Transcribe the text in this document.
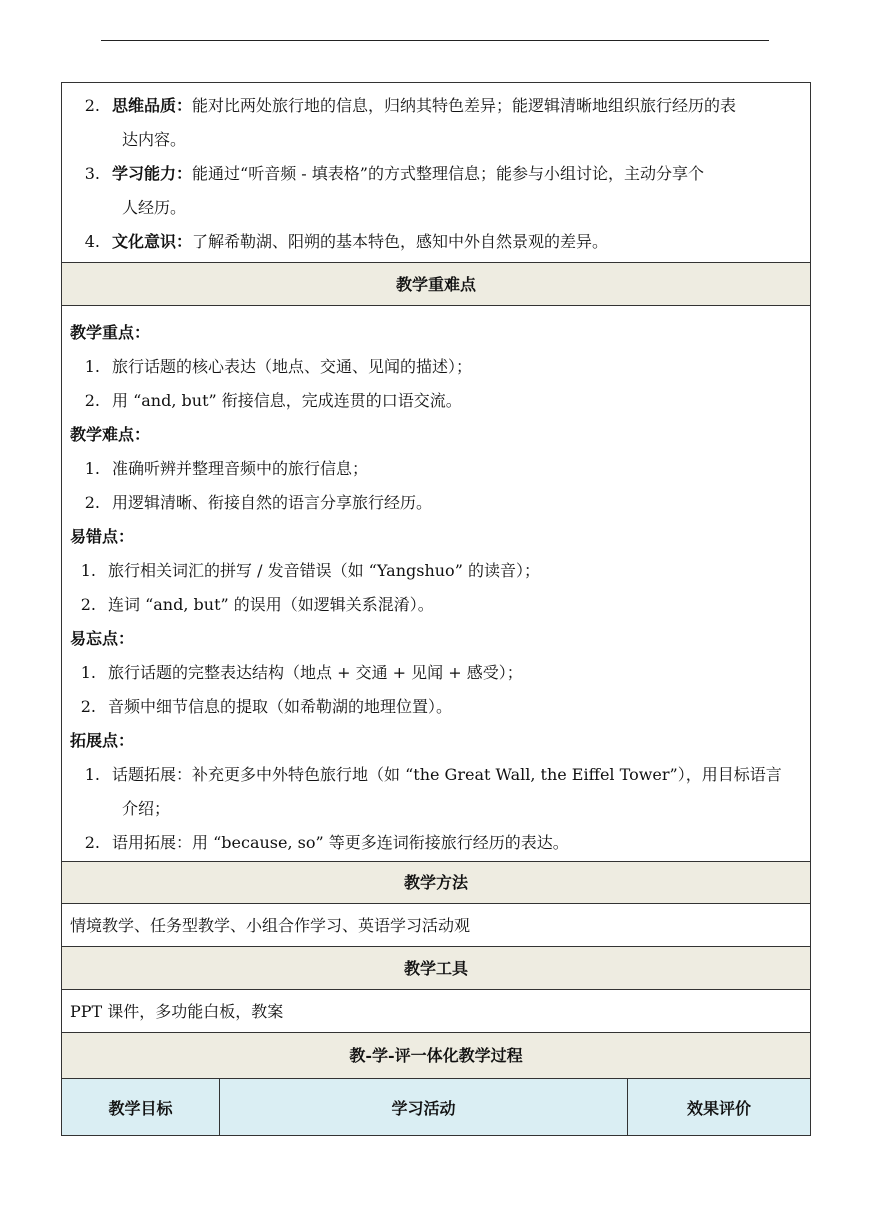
2. 思维品质：能对比两处旅行地的信息，归纳其特色差异；能逻辑清晰地组织旅行经历的表
达内容。
3. 学习能力：能通过“听音频 - 填表格”的方式整理信息；能参与小组讨论，主动分享个
人经历。
4. 文化意识：了解希勒湖、阳朔的基本特色，感知中外自然景观的差异。
教学重难点
教学重点：
1. 旅行话题的核心表达（地点、交通、见闻的描述）；
2. 用 “and, but” 衔接信息，完成连贯的口语交流。
教学难点：
1. 准确听辨并整理音频中的旅行信息；
2. 用逻辑清晰、衔接自然的语言分享旅行经历。
易错点：
1. 旅行相关词汇的拼写 / 发音错误（如 “Yangshuo” 的读音）；
2. 连词 “and, but” 的误用（如逻辑关系混淆）。
易忘点：
1. 旅行话题的完整表达结构（地点 + 交通 + 见闻 + 感受）；
2. 音频中细节信息的提取（如希勒湖的地理位置）。
拓展点：
1. 话题拓展：补充更多中外特色旅行地（如 “the Great Wall, the Eiffel Tower”），用目标语言
介绍；
2. 语用拓展：用 “because, so” 等更多连词衔接旅行经历的表达。
教学方法
情境教学、任务型教学、小组合作学习、英语学习活动观
教学工具
PPT 课件，多功能白板，教案
教-学-评一体化教学过程
教学目标	学习活动	效果评价
